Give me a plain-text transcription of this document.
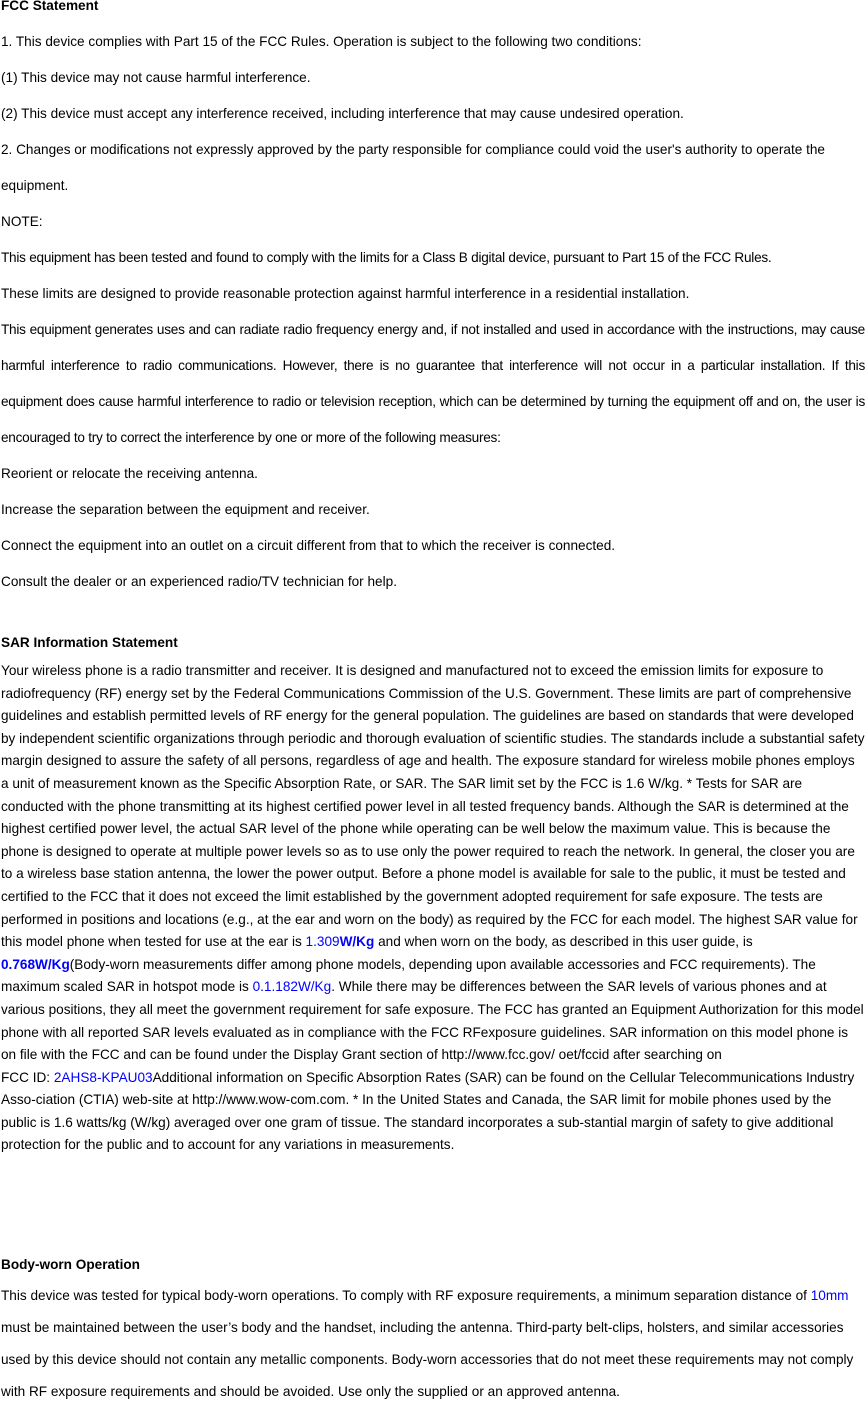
FCC Statement

1. This device complies with Part 15 of the FCC Rules. Operation is subject to the following two conditions:

(1) This device may not cause harmful interference.

(2) This device must accept any interference received, including interference that may cause undesired operation.

2. Changes or modifications not expressly approved by the party responsible for compliance could void the user's authority to operate the equipment.

NOTE:

This equipment has been tested and found to comply with the limits for a Class B digital device, pursuant to Part 15 of the FCC Rules.

These limits are designed to provide reasonable protection against harmful interference in a residential installation.

This equipment generates uses and can radiate radio frequency energy and, if not installed and used in accordance with the instructions, may cause harmful interference to radio communications. However, there is no guarantee that interference will not occur in a particular installation. If this equipment does cause harmful interference to radio or television reception, which can be determined by turning the equipment off and on, the user is encouraged to try to correct the interference by one or more of the following measures:

Reorient or relocate the receiving antenna.

Increase the separation between the equipment and receiver.

Connect the equipment into an outlet on a circuit different from that to which the receiver is connected.

Consult the dealer or an experienced radio/TV technician for help.

SAR Information Statement

Your wireless phone is a radio transmitter and receiver. It is designed and manufactured not to exceed the emission limits for exposure to radiofrequency (RF) energy set by the Federal Communications Commission of the U.S. Government. These limits are part of comprehensive guidelines and establish permitted levels of RF energy for the general population. The guidelines are based on standards that were developed by independent scientific organizations through periodic and thorough evaluation of scientific studies. The standards include a substantial safety margin designed to assure the safety of all persons, regardless of age and health. The exposure standard for wireless mobile phones employs a unit of measurement known as the Specific Absorption Rate, or SAR. The SAR limit set by the FCC is 1.6 W/kg. * Tests for SAR are conducted with the phone transmitting at its highest certified power level in all tested frequency bands. Although the SAR is determined at the highest certified power level, the actual SAR level of the phone while operating can be well below the maximum value. This is because the phone is designed to operate at multiple power levels so as to use only the power required to reach the network. In general, the closer you are to a wireless base station antenna, the lower the power output. Before a phone model is available for sale to the public, it must be tested and certified to the FCC that it does not exceed the limit established by the government adopted requirement for safe exposure. The tests are performed in positions and locations (e.g., at the ear and worn on the body) as required by the FCC for each model. The highest SAR value for this model phone when tested for use at the ear is 1.309W/Kg and when worn on the body, as described in this user guide, is 0.768W/Kg(Body-worn measurements differ among phone models, depending upon available accessories and FCC requirements). The maximum scaled SAR in hotspot mode is 0.1.182W/Kg. While there may be differences between the SAR levels of various phones and at various positions, they all meet the government requirement for safe exposure. The FCC has granted an Equipment Authorization for this model phone with all reported SAR levels evaluated as in compliance with the FCC RFexposure guidelines. SAR information on this model phone is on file with the FCC and can be found under the Display Grant section of http://www.fcc.gov/ oet/fccid after searching on
FCC ID: 2AHS8-KPAU03Additional information on Specific Absorption Rates (SAR) can be found on the Cellular Telecommunications Industry Asso-ciation (CTIA) web-site at http://www.wow-com.com. * In the United States and Canada, the SAR limit for mobile phones used by the public is 1.6 watts/kg (W/kg) averaged over one gram of tissue. The standard incorporates a sub-stantial margin of safety to give additional protection for the public and to account for any variations in measurements.

Body-worn Operation

This device was tested for typical body-worn operations. To comply with RF exposure requirements, a minimum separation distance of 10mm must be maintained between the user’s body and the handset, including the antenna. Third-party belt-clips, holsters, and similar accessories used by this device should not contain any metallic components. Body-worn accessories that do not meet these requirements may not comply with RF exposure requirements and should be avoided. Use only the supplied or an approved antenna.
